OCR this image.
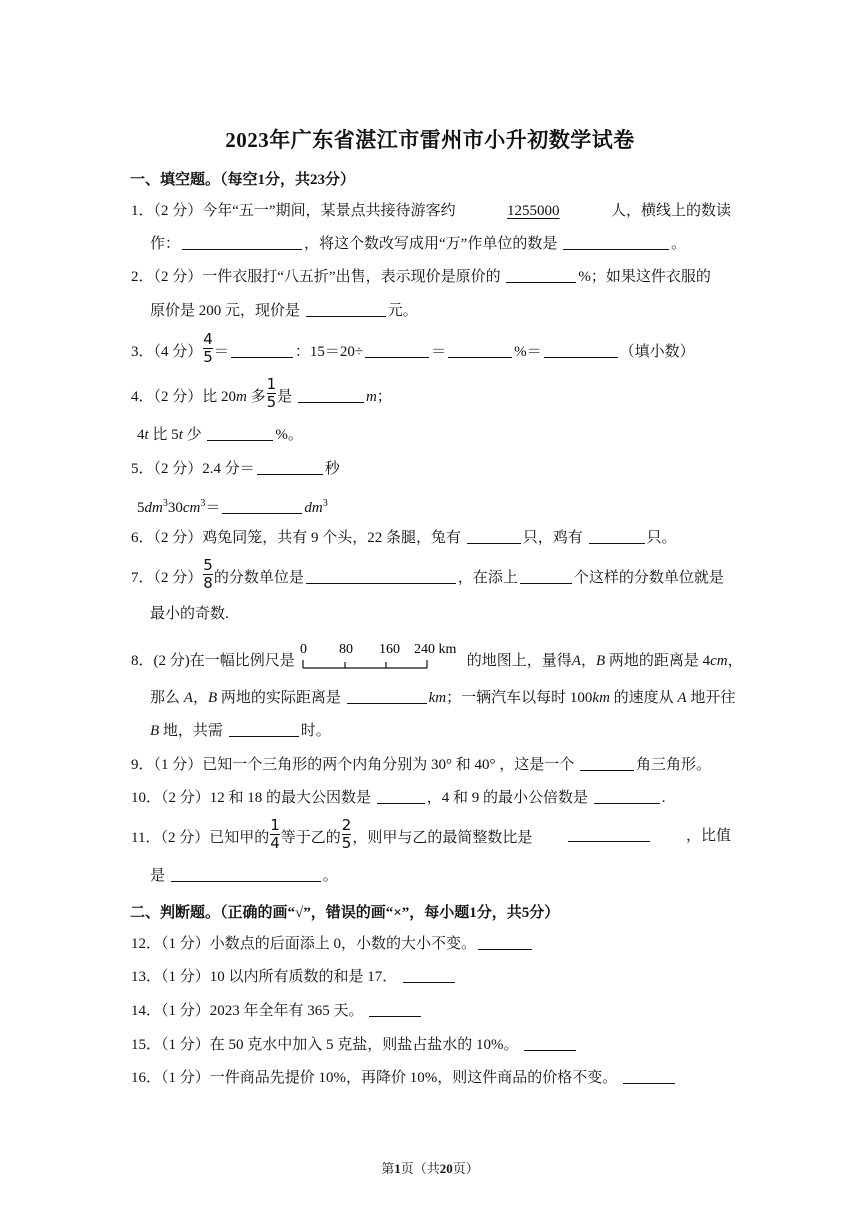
2023年广东省湛江市雷州市小升初数学试卷
一、填空题。（每空1分，共23分）
1．（2 分）今年“五一”期间，某景点共接待游客约	1255000	人，横线上的数读
作：	，将这个数改写成用“万”作单位的数是	。
2．（2 分）一件衣服打“八五折”出售，表示现价是原价的	%；如果这件衣服的
原价是 200 元，现价是	元。
3．（4 分） $\frac{4}{5}$ ＝	：15＝20÷	＝	%＝	（填小数）
4．（2 分）比 20m 多 $\frac{1}{5}$ 是	m；
4t 比 5t 少	%。
5．（2 分）2.4 分＝	秒
$5dm^330cm^3=$	$dm^3$
6．（2 分）鸡兔同笼，共有 9 个头，22 条腿，兔有	只，鸡有	只。
7．（2 分） $\frac{5}{8}$ 的分数单位是	，在添上	个这样的分数单位就是
最小的奇数.
8．(2 分)在一幅比例尺是
0 80 160 240 km
的地图上，量得A，B 两地的距离是 4cm，
那么 A，B 两地的实际距离是	km；一辆汽车以每时 100km 的速度从 A 地开往
B 地，共需	时。
9．（1 分）已知一个三角形的两个内角分别为 30° 和 40° ，这是一个	角三角形。
10．（2 分）12 和 18 的最大公因数是	，4 和 9 的最小公倍数是	.
11．（2 分）已知甲的 $\frac{1}{4}$ 等于乙的 $\frac{2}{5}$ ，则甲与乙的最简整数比是	，比值
是	。
二、判断题。（正确的画“√”，错误的画“×”，每小题1分，共5分）
12．（1 分）小数点的后面添上 0，小数的大小不变。
13．（1 分）10 以内所有质数的和是 17．
14．（1 分）2023 年全年有 365 天。
15．（1 分）在 50 克水中加入 5 克盐，则盐占盐水的 10%。
16．（1 分）一件商品先提价 10%，再降价 10%，则这件商品的价格不变。
第1页（共20页）
